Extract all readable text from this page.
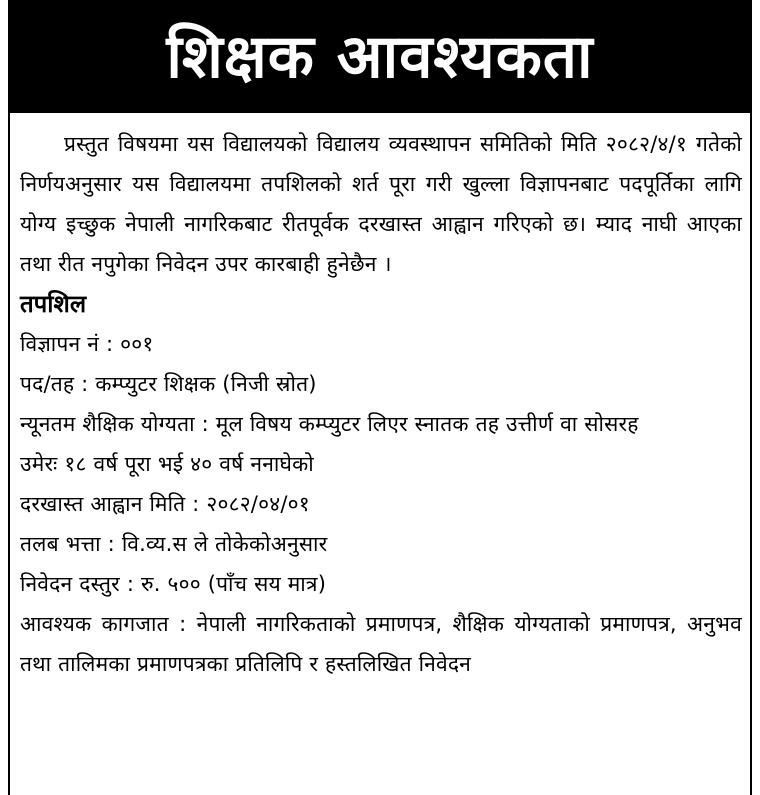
शिक्षक आवश्यकता

प्रस्तुत विषयमा यस विद्यालयको विद्यालय व्यवस्थापन समितिको मिति २०८२/४/१ गतेको निर्णयअनुसार यस विद्यालयमा तपशिलको शर्त पूरा गरी खुल्ला विज्ञापनबाट पदपूर्तिका लागि योग्य इच्छुक नेपाली नागरिकबाट रीतपूर्वक दरखास्त आह्वान गरिएको छ। म्याद नाघी आएका तथा रीत नपुगेका निवेदन उपर कारबाही हुनेछैन ।

तपशिल
विज्ञापन नं : ००१
पद/तह : कम्प्युटर शिक्षक (निजी स्रोत)
न्यूनतम शैक्षिक योग्यता : मूल विषय कम्प्युटर लिएर स्नातक तह उत्तीर्ण वा सोसरह
उमेरः १८ वर्ष पूरा भई ४० वर्ष ननाघेको
दरखास्त आह्वान मिति : २०८२/०४/०१
तलब भत्ता : वि.व्य.स ले तोकेकोअनुसार
निवेदन दस्तुर : रु. ५०० (पाँच सय मात्र)
आवश्यक कागजात : नेपाली नागरिकताको प्रमाणपत्र, शैक्षिक योग्यताको प्रमाणपत्र, अनुभव तथा तालिमका प्रमाणपत्रका प्रतिलिपि र हस्तलिखित निवेदन
